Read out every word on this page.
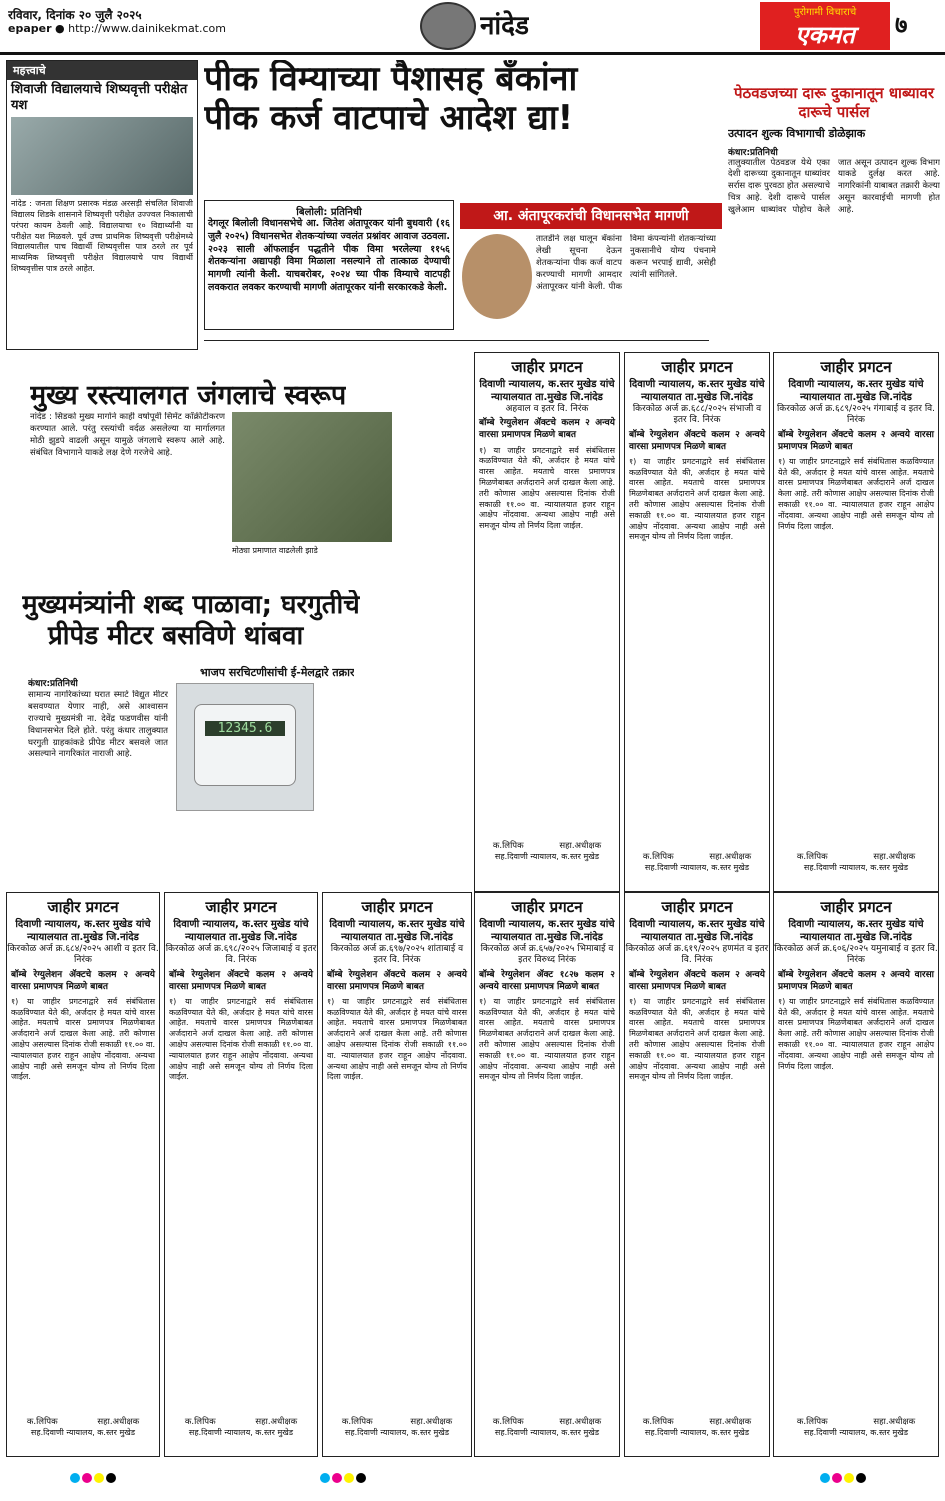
रविवार, दिनांक २० जुलै २०२५
epaper ● http://www.dainikekmat.com	नांदेड	पुरोगामी विचाराचे
एकमत	७
महत्त्वाचे
शिवाजी विद्यालयाचे शिष्यवृत्ती परीक्षेत यश
नांदेड : जनता शिक्षण प्रसारक मंडळ अरसड़ी संचलित शिवाजी विद्यालय शिडके शासनाने शिष्यवृत्ती परीक्षेत उज्ज्वल निकालाची परंपरा कायम ठेवली आहे. विद्यालयाचा १० विद्यार्थ्यांनी या परीक्षेत यश मिळवले. पूर्व उच्च प्राथमिक शिष्यवृत्ती परीक्षेमध्ये विद्यालयातील पाच विद्यार्थी शिष्यवृत्तीस पात्र ठरले तर पूर्व माध्यमिक शिष्यवृत्ती परीक्षेत विद्यालयाचे पाच विद्यार्थी शिष्यवृत्तीस पात्र ठरले आहेत.
पीक विम्याच्या पैशासह बँकांना
पीक कर्ज वाटपाचे आदेश द्या!
बिलोली: प्रतिनिधी
देगलूर बिलोली विधानसभेचे आ. जितेश अंतापूरकर यांनी बुधवारी (१६ जुलै २०२५) विधानसभेत शेतकऱ्यांच्या ज्वलंत प्रश्नांवर आवाज उठवला. २०२३ साली ऑफलाईन पद्धतीने पीक विमा भरलेल्या ११५६ शेतकऱ्यांना अद्यापही विमा मिळाला नसल्याने तो तात्काळ देण्याची मागणी त्यांनी केली. याचबरोबर, २०२४ च्या पीक विम्याचे वाटपही लवकरात लवकर करण्याची मागणी अंतापूरकर यांनी सरकारकडे केली.
आ. अंतापूरकरांची विधानसभेत मागणी
तातडीने लक्ष घालून बँकांना लेखी सूचना देऊन शेतकऱ्यांना पीक कर्ज वाटप करण्याची मागणी आमदार अंतापूरकर यांनी केली. पीक विमा कंपन्यांनी शेतकऱ्यांच्या नुकसानीचे योग्य पंचनामे करून भरपाई द्यावी, असेही त्यांनी सांगितले.
पेठवडजच्या दारू दुकानातून धाब्यावर दारूचे पार्सल
उत्पादन शुल्क विभागाची डोळेझाक
कंधार:प्रतिनिधी
तालुक्यातील पेठवडज येथे एका देशी दारूच्या दुकानातून धाब्यांवर सर्रास दारू पुरवठा होत असल्याचे चित्र आहे. देशी दारूचे पार्सल खुलेआम धाब्यांवर पोहोच केले जात असून उत्पादन शुल्क विभाग याकडे दुर्लक्ष करत आहे. नागरिकांनी याबाबत तक्रारी केल्या असून कारवाईची मागणी होत आहे.
मुख्य रस्त्यालगत जंगलाचे स्वरूप
नांदेड : सिडको मुख्य मार्गाने काही वर्षापूर्वी सिमेंट काँक्रीटीकरण करण्यात आले. परंतु रस्त्यांची वर्दळ असलेल्या या मार्गालगत मोठी झुडपे वाढली असून यामुळे जंगलाचे स्वरूप आले आहे. संबंधित विभागाने याकडे लक्ष देणे गरजेचे आहे.
मोठ्या प्रमाणात वाढलेली झाडे
मुख्यमंत्र्यांनी शब्द पाळावा; घरगुतीचे
प्रीपेड मीटर बसविणे थांबवा
भाजप सरचिटणीसांची ई-मेलद्वारे तक्रार
कंधार:प्रतिनिधी
सामान्य नागरिकांच्या घरात स्मार्ट विद्युत मीटर बसवण्यात येणार नाही, असे आश्वासन राज्याचे मुख्यमंत्री ना. देवेंद्र फडणवीस यांनी विधानसभेत दिले होते. परंतु कंधार तालुक्यात घरगुती ग्राहकांकडे प्रीपेड मीटर बसवले जात असल्याने नागरिकांत नाराजी आहे.
12345.6
जाहीर प्रगटन
दिवाणी न्यायालय, क.स्तर मुखेड यांचे न्यायालयात ता.मुखेड जि.नांदेड
अहवाल व इतर वि. निरंक
बॉम्बे रेग्युलेशन ॲक्टचे कलम २ अन्वये वारसा प्रमाणपत्र मिळणे बाबत
१) या जाहीर प्रगटनाद्वारे सर्व संबंधितास कळविण्यात येते की, अर्जदार हे मयत यांचे वारस आहेत. मयताचे वारस प्रमाणपत्र मिळणेबाबत अर्जदाराने अर्ज दाखल केला आहे. तरी कोणास आक्षेप असल्यास दिनांक रोजी सकाळी ११.०० वा. न्यायालयात हजर राहून आक्षेप नोंदवावा. अन्यथा आक्षेप नाही असे समजून योग्य तो निर्णय दिला जाईल.
क.लिपिक	सहा.अधीक्षक
सह.दिवाणी न्यायालय, क.स्तर मुखेड
जाहीर प्रगटन
दिवाणी न्यायालय, क.स्तर मुखेड यांचे न्यायालयात ता.मुखेड जि.नांदेड
किरकोळ अर्ज क्र.६८८/२०२५ संभाजी व इतर वि. निरंक
बॉम्बे रेग्युलेशन ॲक्टचे कलम २ अन्वये वारसा प्रमाणपत्र मिळणे बाबत
१) या जाहीर प्रगटनाद्वारे सर्व संबंधितास कळविण्यात येते की, अर्जदार हे मयत यांचे वारस आहेत. मयताचे वारस प्रमाणपत्र मिळणेबाबत अर्जदाराने अर्ज दाखल केला आहे. तरी कोणास आक्षेप असल्यास दिनांक रोजी सकाळी ११.०० वा. न्यायालयात हजर राहून आक्षेप नोंदवावा. अन्यथा आक्षेप नाही असे समजून योग्य तो निर्णय दिला जाईल.
क.लिपिक	सहा.अधीक्षक
सह.दिवाणी न्यायालय, क.स्तर मुखेड
जाहीर प्रगटन
दिवाणी न्यायालय, क.स्तर मुखेड यांचे न्यायालयात ता.मुखेड जि.नांदेड
किरकोळ अर्ज क्र.६८९/२०२५ गंगाबाई व इतर वि. निरंक
बॉम्बे रेग्युलेशन ॲक्टचे कलम २ अन्वये वारसा प्रमाणपत्र मिळणे बाबत
१) या जाहीर प्रगटनाद्वारे सर्व संबंधितास कळविण्यात येते की, अर्जदार हे मयत यांचे वारस आहेत. मयताचे वारस प्रमाणपत्र मिळणेबाबत अर्जदाराने अर्ज दाखल केला आहे. तरी कोणास आक्षेप असल्यास दिनांक रोजी सकाळी ११.०० वा. न्यायालयात हजर राहून आक्षेप नोंदवावा. अन्यथा आक्षेप नाही असे समजून योग्य तो निर्णय दिला जाईल.
क.लिपिक	सहा.अधीक्षक
सह.दिवाणी न्यायालय, क.स्तर मुखेड
जाहीर प्रगटन
दिवाणी न्यायालय, क.स्तर मुखेड यांचे न्यायालयात ता.मुखेड जि.नांदेड
किरकोळ अर्ज क्र.६८४/२०२५ आशी व इतर वि. निरंक
बॉम्बे रेग्युलेशन ॲक्टचे कलम २ अन्वये वारसा प्रमाणपत्र मिळणे बाबत
१) या जाहीर प्रगटनाद्वारे सर्व संबंधितास कळविण्यात येते की, अर्जदार हे मयत यांचे वारस आहेत. मयताचे वारस प्रमाणपत्र मिळणेबाबत अर्जदाराने अर्ज दाखल केला आहे. तरी कोणास आक्षेप असल्यास दिनांक रोजी सकाळी ११.०० वा. न्यायालयात हजर राहून आक्षेप नोंदवावा. अन्यथा आक्षेप नाही असे समजून योग्य तो निर्णय दिला जाईल.
क.लिपिक	सहा.अधीक्षक
सह.दिवाणी न्यायालय, क.स्तर मुखेड
जाहीर प्रगटन
दिवाणी न्यायालय, क.स्तर मुखेड यांचे न्यायालयात ता.मुखेड जि.नांदेड
किरकोळ अर्ज क्र.६९८/२०२५ जिजाबाई व इतर वि. निरंक
बॉम्बे रेग्युलेशन ॲक्टचे कलम २ अन्वये वारसा प्रमाणपत्र मिळणे बाबत
१) या जाहीर प्रगटनाद्वारे सर्व संबंधितास कळविण्यात येते की, अर्जदार हे मयत यांचे वारस आहेत. मयताचे वारस प्रमाणपत्र मिळणेबाबत अर्जदाराने अर्ज दाखल केला आहे. तरी कोणास आक्षेप असल्यास दिनांक रोजी सकाळी ११.०० वा. न्यायालयात हजर राहून आक्षेप नोंदवावा. अन्यथा आक्षेप नाही असे समजून योग्य तो निर्णय दिला जाईल.
क.लिपिक	सहा.अधीक्षक
सह.दिवाणी न्यायालय, क.स्तर मुखेड
जाहीर प्रगटन
दिवाणी न्यायालय, क.स्तर मुखेड यांचे न्यायालयात ता.मुखेड जि.नांदेड
किरकोळ अर्ज क्र.६९७/२०२५ शांताबाई व इतर वि. निरंक
बॉम्बे रेग्युलेशन ॲक्टचे कलम २ अन्वये वारसा प्रमाणपत्र मिळणे बाबत
१) या जाहीर प्रगटनाद्वारे सर्व संबंधितास कळविण्यात येते की, अर्जदार हे मयत यांचे वारस आहेत. मयताचे वारस प्रमाणपत्र मिळणेबाबत अर्जदाराने अर्ज दाखल केला आहे. तरी कोणास आक्षेप असल्यास दिनांक रोजी सकाळी ११.०० वा. न्यायालयात हजर राहून आक्षेप नोंदवावा. अन्यथा आक्षेप नाही असे समजून योग्य तो निर्णय दिला जाईल.
क.लिपिक	सहा.अधीक्षक
सह.दिवाणी न्यायालय, क.स्तर मुखेड
जाहीर प्रगटन
दिवाणी न्यायालय, क.स्तर मुखेड यांचे न्यायालयात ता.मुखेड जि.नांदेड
किरकोळ अर्ज क्र.६५७/२०२५ भिमाबाई व इतर विरुध्द निरंक
बॉम्बे रेग्युलेशन ॲक्ट १८२७ कलम २ अन्वये वारसा प्रमाणपत्र मिळणे बाबत
१) या जाहीर प्रगटनाद्वारे सर्व संबंधितास कळविण्यात येते की, अर्जदार हे मयत यांचे वारस आहेत. मयताचे वारस प्रमाणपत्र मिळणेबाबत अर्जदाराने अर्ज दाखल केला आहे. तरी कोणास आक्षेप असल्यास दिनांक रोजी सकाळी ११.०० वा. न्यायालयात हजर राहून आक्षेप नोंदवावा. अन्यथा आक्षेप नाही असे समजून योग्य तो निर्णय दिला जाईल.
क.लिपिक	सहा.अधीक्षक
सह.दिवाणी न्यायालय, क.स्तर मुखेड
जाहीर प्रगटन
दिवाणी न्यायालय, क.स्तर मुखेड यांचे न्यायालयात ता.मुखेड जि.नांदेड
किरकोळ अर्ज क्र.६१९/२०२५ हणमंत व इतर वि. निरंक
बॉम्बे रेग्युलेशन ॲक्टचे कलम २ अन्वये वारसा प्रमाणपत्र मिळणे बाबत
१) या जाहीर प्रगटनाद्वारे सर्व संबंधितास कळविण्यात येते की, अर्जदार हे मयत यांचे वारस आहेत. मयताचे वारस प्रमाणपत्र मिळणेबाबत अर्जदाराने अर्ज दाखल केला आहे. तरी कोणास आक्षेप असल्यास दिनांक रोजी सकाळी ११.०० वा. न्यायालयात हजर राहून आक्षेप नोंदवावा. अन्यथा आक्षेप नाही असे समजून योग्य तो निर्णय दिला जाईल.
क.लिपिक	सहा.अधीक्षक
सह.दिवाणी न्यायालय, क.स्तर मुखेड
जाहीर प्रगटन
दिवाणी न्यायालय, क.स्तर मुखेड यांचे न्यायालयात ता.मुखेड जि.नांदेड
किरकोळ अर्ज क्र.६०६/२०२५ यमुनाबाई व इतर वि. निरंक
बॉम्बे रेग्युलेशन ॲक्टचे कलम २ अन्वये वारसा प्रमाणपत्र मिळणे बाबत
१) या जाहीर प्रगटनाद्वारे सर्व संबंधितास कळविण्यात येते की, अर्जदार हे मयत यांचे वारस आहेत. मयताचे वारस प्रमाणपत्र मिळणेबाबत अर्जदाराने अर्ज दाखल केला आहे. तरी कोणास आक्षेप असल्यास दिनांक रोजी सकाळी ११.०० वा. न्यायालयात हजर राहून आक्षेप नोंदवावा. अन्यथा आक्षेप नाही असे समजून योग्य तो निर्णय दिला जाईल.
क.लिपिक	सहा.अधीक्षक
सह.दिवाणी न्यायालय, क.स्तर मुखेड
